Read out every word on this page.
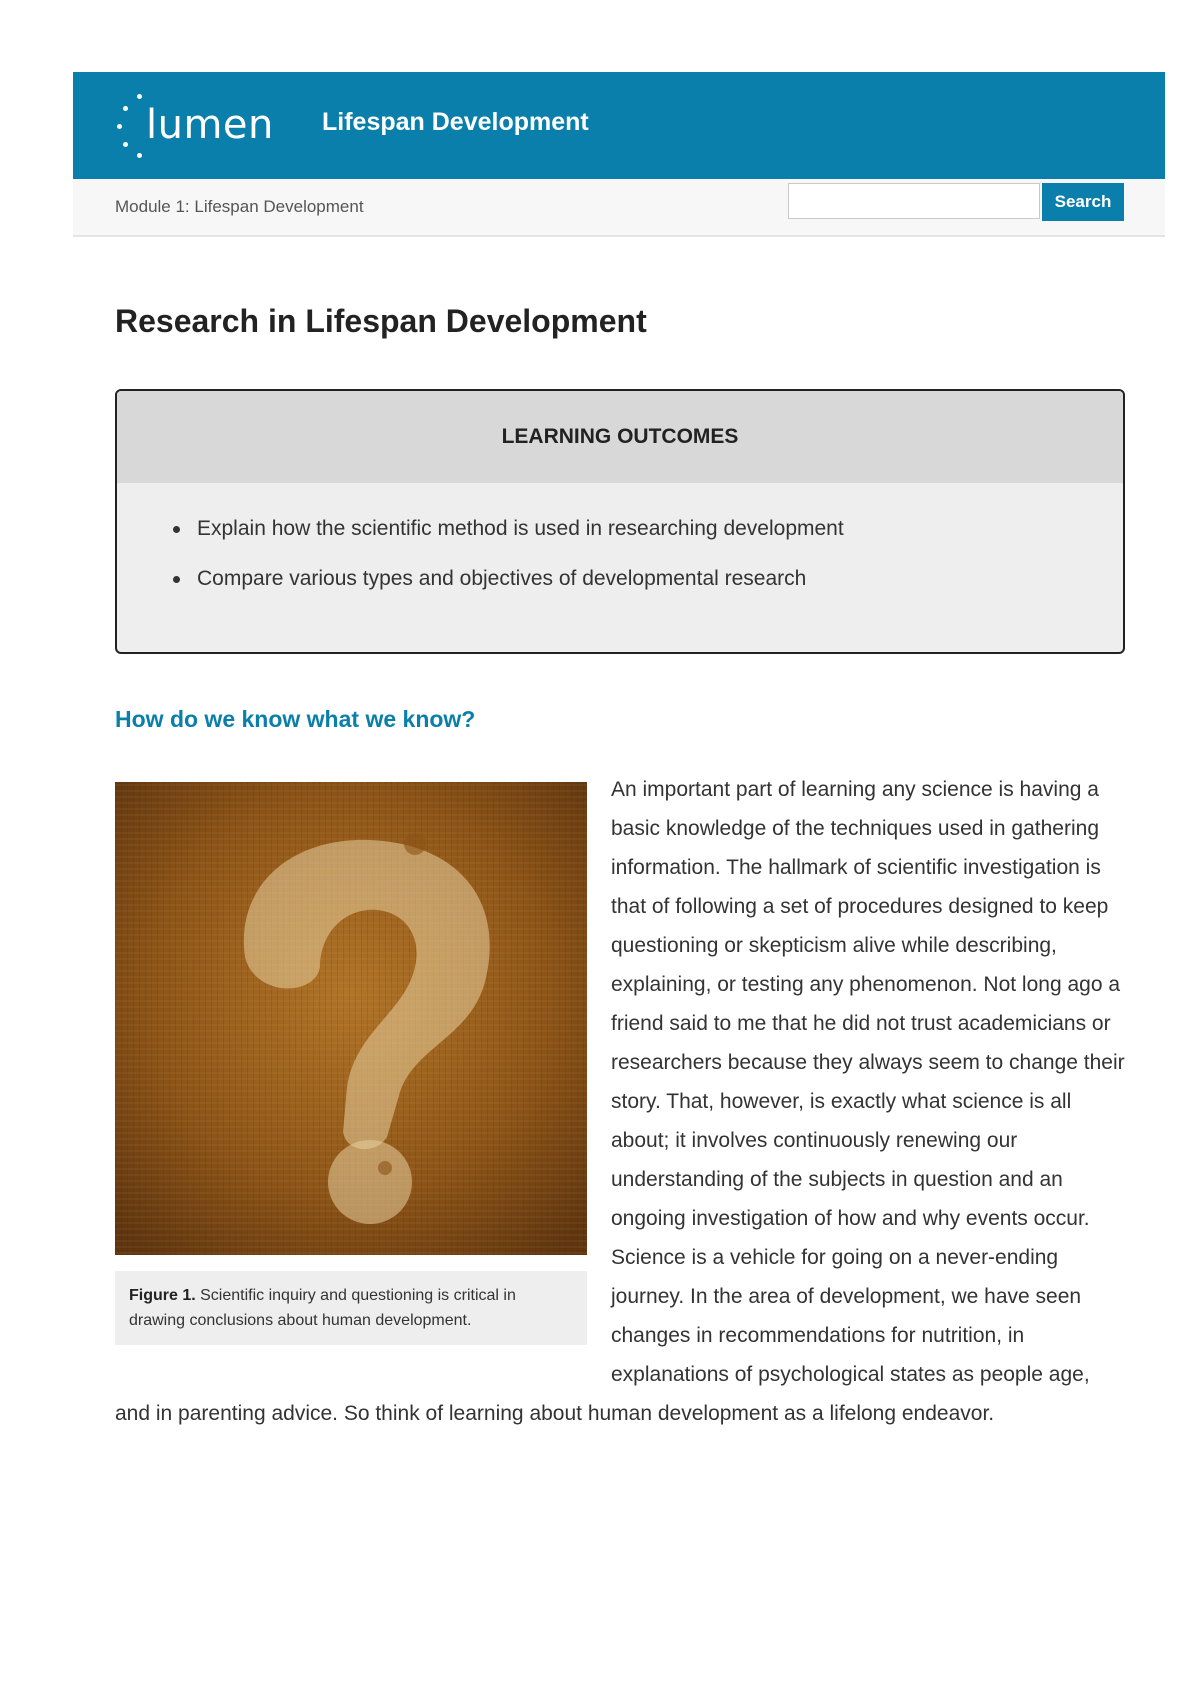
lumen Lifespan Development
Module 1: Lifespan Development	Search
Research in Lifespan Development
LEARNING OUTCOMES
Explain how the scientific method is used in researching development
Compare various types and objectives of developmental research
How do we know what we know?

An important part of learning any science is having a basic knowledge of the techniques used in gathering information. The hallmark of scientific investigation is that of following a set of procedures designed to keep questioning or skepticism alive while describing, explaining, or testing any phenomenon. Not long ago a friend said to me that he did not trust academicians or researchers because they always seem to change their story. That, however, is exactly what science is all about; it involves continuously renewing our understanding of the subjects in question and an ongoing investigation of how and why events occur. Science is a vehicle for going on a never-ending journey. In the area of development, we have seen changes in recommendations for nutrition, in explanations of psychological states as people age, and in parenting advice. So think of learning about human development as a lifelong endeavor.

Figure 1. Scientific inquiry and questioning is critical in drawing conclusions about human development.
